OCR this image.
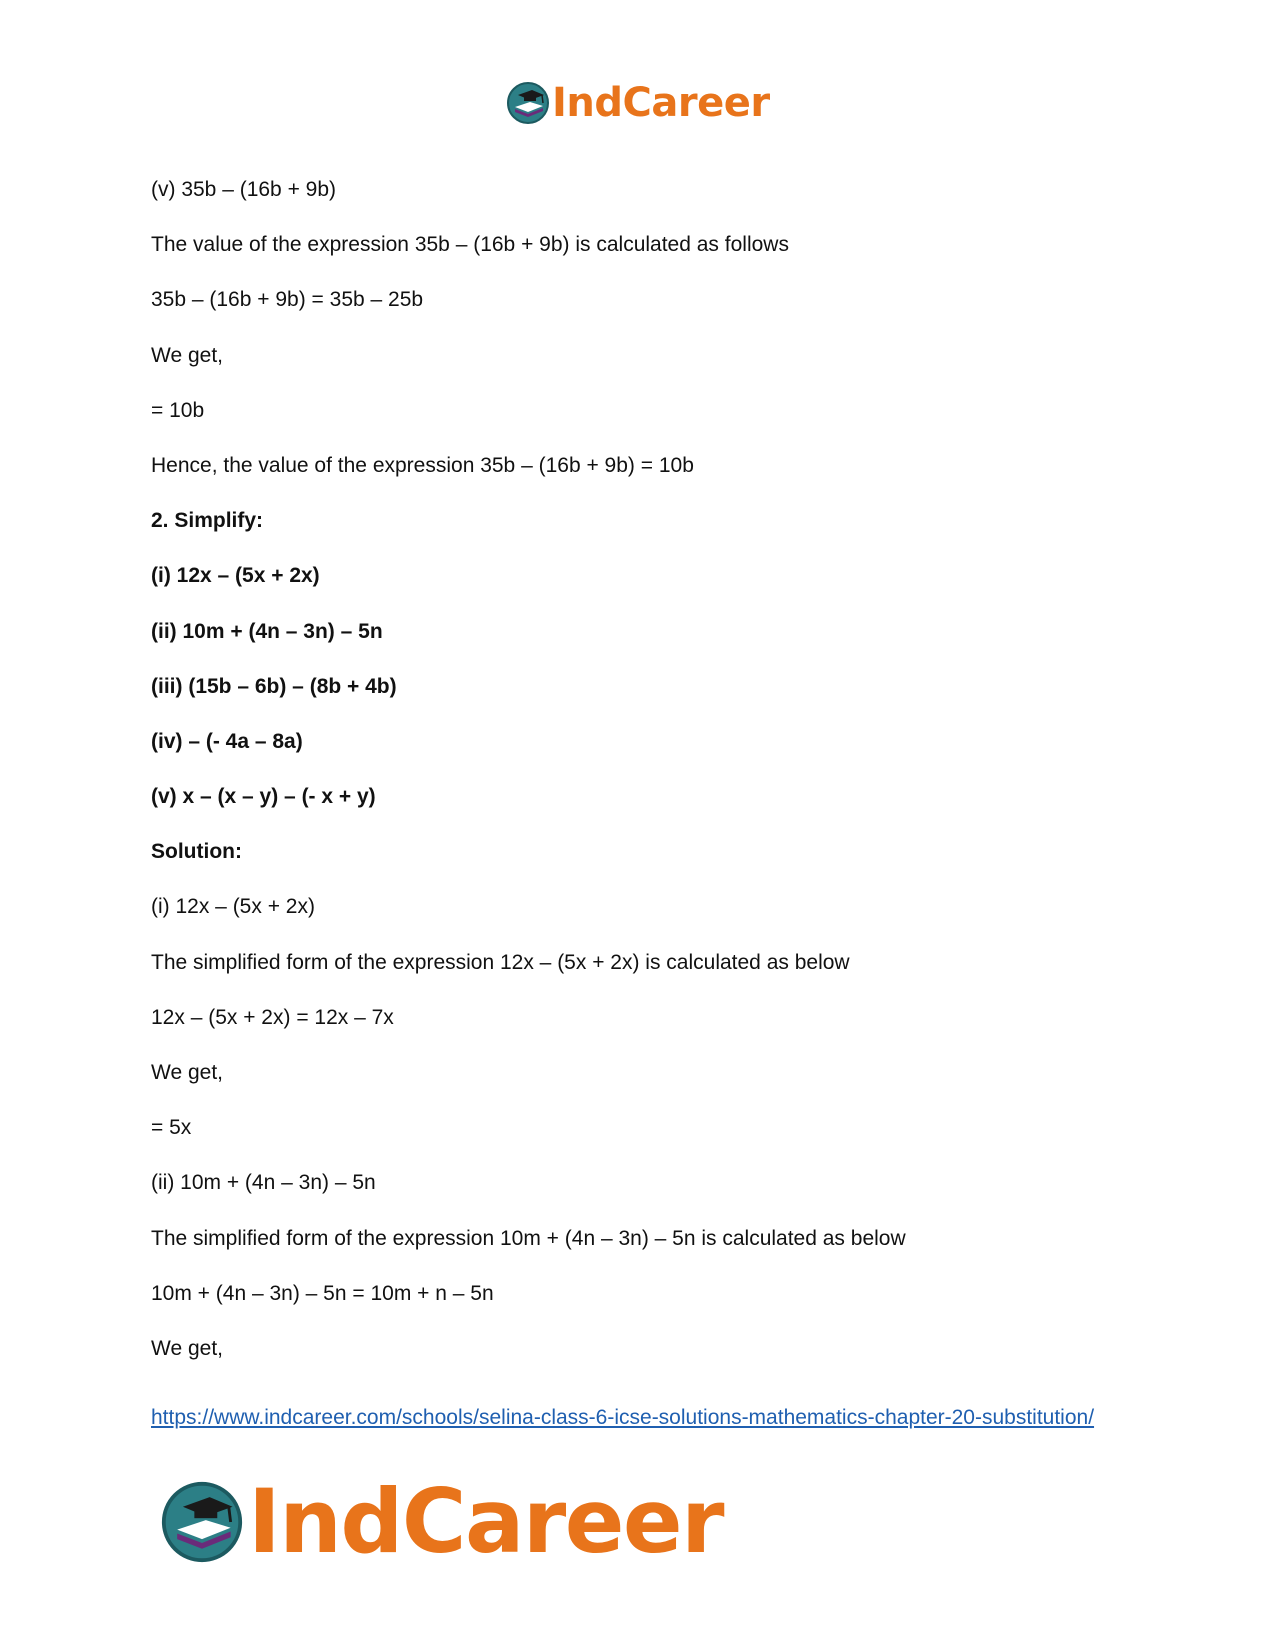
IndCareer
(v) 35b – (16b + 9b)
The value of the expression 35b – (16b + 9b) is calculated as follows
35b – (16b + 9b) = 35b – 25b
We get,
= 10b
Hence, the value of the expression 35b – (16b + 9b) = 10b
2. Simplify:
(i) 12x – (5x + 2x)
(ii) 10m + (4n – 3n) – 5n
(iii) (15b – 6b) – (8b + 4b)
(iv) – (- 4a – 8a)
(v) x – (x – y) – (- x + y)
Solution:
(i) 12x – (5x + 2x)
The simplified form of the expression 12x – (5x + 2x) is calculated as below
12x – (5x + 2x) = 12x – 7x
We get,
= 5x
(ii) 10m + (4n – 3n) – 5n
The simplified form of the expression 10m + (4n – 3n) – 5n is calculated as below
10m + (4n – 3n) – 5n = 10m + n – 5n
We get,
https://www.indcareer.com/schools/selina-class-6-icse-solutions-mathematics-chapter-20-substitution/
IndCareer
